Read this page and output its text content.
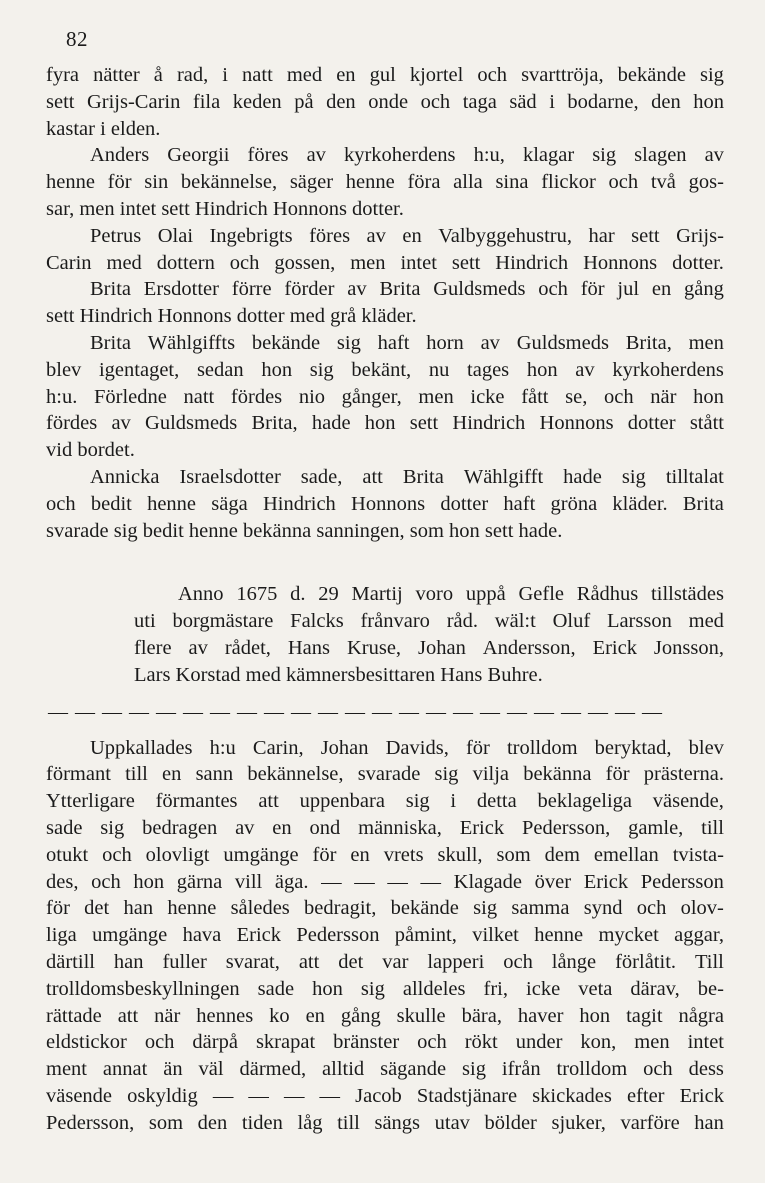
82
fyra nätter å rad, i natt med en gul kjortel och svarttröja, bekände sig
sett Grijs-Carin fila keden på den onde och taga säd i bodarne, den hon
kastar i elden.
Anders Georgii föres av kyrkoherdens h:u, klagar sig slagen av
henne för sin bekännelse, säger henne föra alla sina flickor och två gos-
sar, men intet sett Hindrich Honnons dotter.
Petrus Olai Ingebrigts föres av en Valbyggehustru, har sett Grijs-
Carin med dottern och gossen, men intet sett Hindrich Honnons dotter.
Brita Ersdotter förre förder av Brita Guldsmeds och för jul en gång
sett Hindrich Honnons dotter med grå kläder.
Brita Wählgiffts bekände sig haft horn av Guldsmeds Brita, men
blev igentaget, sedan hon sig bekänt, nu tages hon av kyrkoherdens
h:u. Förledne natt fördes nio gånger, men icke fått se, och när hon
fördes av Guldsmeds Brita, hade hon sett Hindrich Honnons dotter stått
vid bordet.
Annicka Israelsdotter sade, att Brita Wählgifft hade sig tilltalat
och bedit henne säga Hindrich Honnons dotter haft gröna kläder. Brita
svarade sig bedit henne bekänna sanningen, som hon sett hade.
Anno 1675 d. 29 Martij voro uppå Gefle Rådhus tillstädes
uti borgmästare Falcks frånvaro råd. wäl:t Oluf Larsson med
flere av rådet, Hans Kruse, Johan Andersson, Erick Jonsson,
Lars Korstad med kämnersbesittaren Hans Buhre.
— — — — — — — — — — — — — — — — — — — — — — —
Uppkallades h:u Carin, Johan Davids, för trolldom beryktad, blev
förmant till en sann bekännelse, svarade sig vilja bekänna för prästerna.
Ytterligare förmantes att uppenbara sig i detta beklageliga väsende,
sade sig bedragen av en ond människa, Erick Pedersson, gamle, till
otukt och olovligt umgänge för en vrets skull, som dem emellan tvista-
des, och hon gärna vill äga. — — — — Klagade över Erick Pedersson
för det han henne således bedragit, bekände sig samma synd och olov-
liga umgänge hava Erick Pedersson påmint, vilket henne mycket aggar,
därtill han fuller svarat, att det var lapperi och långe förlåtit. Till
trolldomsbeskyllningen sade hon sig alldeles fri, icke veta därav, be-
rättade att när hennes ko en gång skulle bära, haver hon tagit några
eldstickor och därpå skrapat bränster och rökt under kon, men intet
ment annat än väl därmed, alltid sägande sig ifrån trolldom och dess
väsende oskyldig — — — — Jacob Stadstjänare skickades efter Erick
Pedersson, som den tiden låg till sängs utav bölder sjuker, varföre han
